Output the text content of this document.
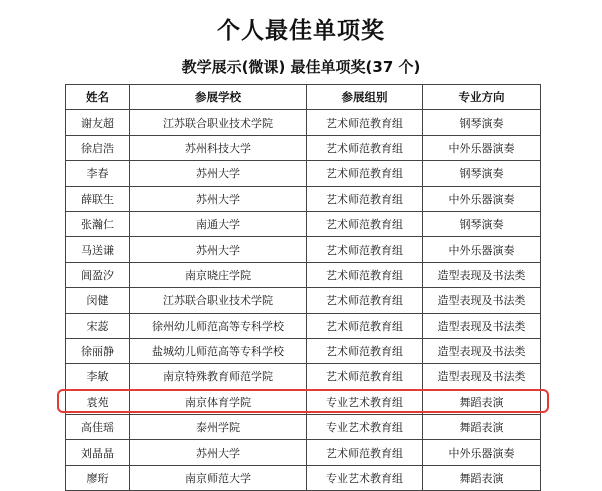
个人最佳单项奖
教学展示(微课) 最佳单项奖(37 个)
姓名	参展学校	参展组别	专业方向
谢友超	江苏联合职业技术学院	艺术师范教育组	钢琴演奏
徐启浩	苏州科技大学	艺术师范教育组	中外乐器演奏
李春	苏州大学	艺术师范教育组	钢琴演奏
薛联生	苏州大学	艺术师范教育组	中外乐器演奏
张瀚仁	南通大学	艺术师范教育组	钢琴演奏
马送谦	苏州大学	艺术师范教育组	中外乐器演奏
阊盈汐	南京晓庄学院	艺术师范教育组	造型表现及书法类
闵健	江苏联合职业技术学院	艺术师范教育组	造型表现及书法类
宋蕊	徐州幼儿师范高等专科学校	艺术师范教育组	造型表现及书法类
徐丽静	盐城幼儿师范高等专科学校	艺术师范教育组	造型表现及书法类
李敏	南京特殊教育师范学院	艺术师范教育组	造型表现及书法类
袁苑	南京体育学院	专业艺术教育组	舞蹈表演
高佳瑶	泰州学院	专业艺术教育组	舞蹈表演
刘晶晶	苏州大学	艺术师范教育组	中外乐器演奏
廖珩	南京师范大学	专业艺术教育组	舞蹈表演
